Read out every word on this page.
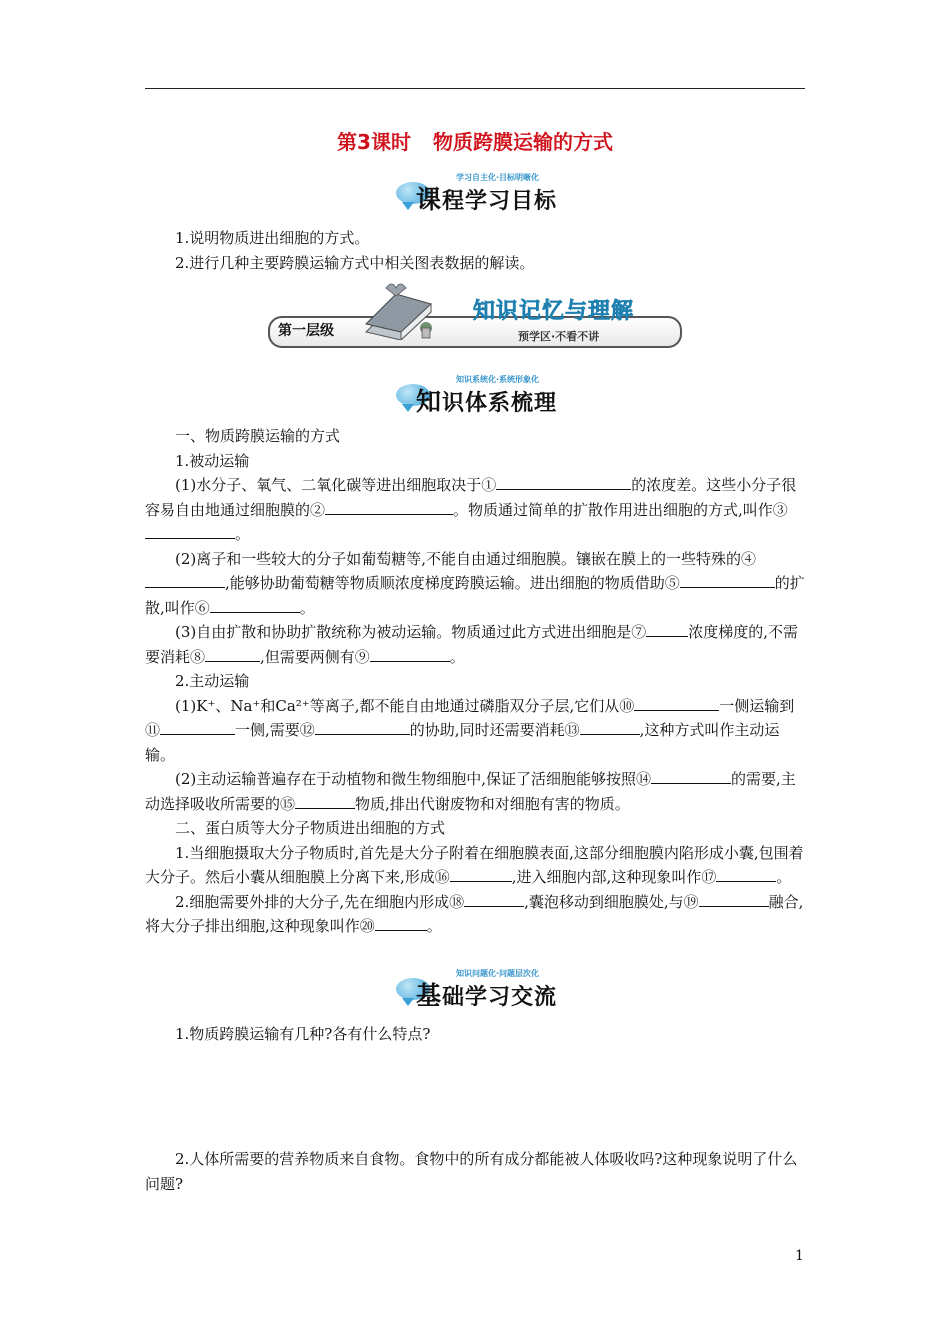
第3课时 物质跨膜运输的方式
学习自主化·目标明晰化
课程学习目标
1.说明物质进出细胞的方式。
2.进行几种主要跨膜运输方式中相关图表数据的解读。
第一层级
知识记忆与理解
预学区·不看不讲
知识系统化·系统形象化
知识体系梳理
一、物质跨膜运输的方式
1.被动运输
(1)水分子、氧气、二氧化碳等进出细胞取决于①	的浓度差。这些小分子很容易自由地通过细胞膜的②	。物质通过简单的扩散作用进出细胞的方式,叫作③。
(2)离子和一些较大的分子如葡萄糖等,不能自由通过细胞膜。镶嵌在膜上的一些特殊的④,能够协助葡萄糖等物质顺浓度梯度跨膜运输。进出细胞的物质借助⑤	的扩散,叫作⑥	。
(3)自由扩散和协助扩散统称为被动运输。物质通过此方式进出细胞是⑦	浓度梯度的,不需要消耗⑧	,但需要两侧有⑨	。
2.主动运输
(1)K⁺、Na⁺和Ca²⁺等离子,都不能自由地通过磷脂双分子层,它们从⑩	一侧运输到⑪	一侧,需要⑫	的协助,同时还需要消耗⑬	,这种方式叫作主动运输。
(2)主动运输普遍存在于动植物和微生物细胞中,保证了活细胞能够按照⑭	的需要,主动选择吸收所需要的⑮	物质,排出代谢废物和对细胞有害的物质。
二、蛋白质等大分子物质进出细胞的方式
1.当细胞摄取大分子物质时,首先是大分子附着在细胞膜表面,这部分细胞膜内陷形成小囊,包围着大分子。然后小囊从细胞膜上分离下来,形成⑯	,进入细胞内部,这种现象叫作⑰	。
2.细胞需要外排的大分子,先在细胞内形成⑱	,囊泡移动到细胞膜处,与⑲	融合,将大分子排出细胞,这种现象叫作⑳	。
知识问题化·问题层次化
基础学习交流
1.物质跨膜运输有几种?各有什么特点?
2.人体所需要的营养物质来自食物。食物中的所有成分都能被人体吸收吗?这种现象说明了什么问题?
1
